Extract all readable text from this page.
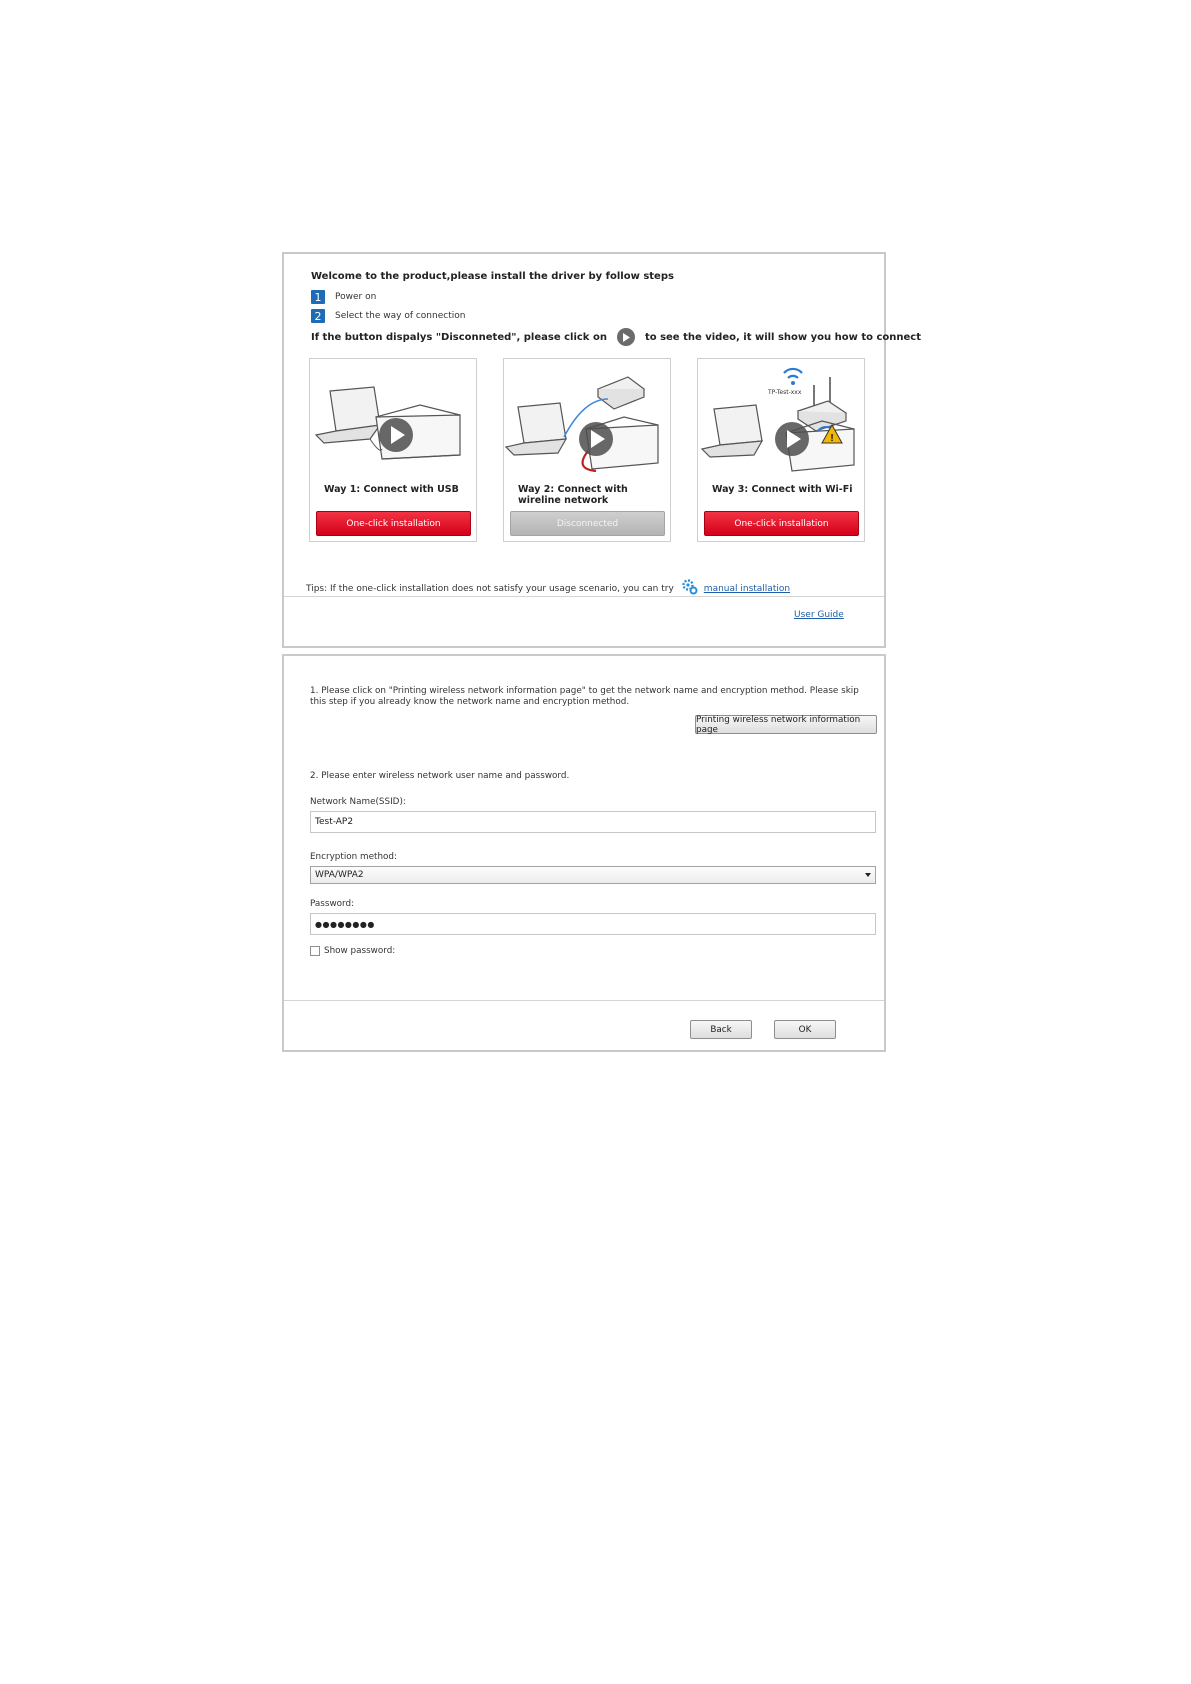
Welcome to the product,please install the driver by follow steps
1	Power on
2	Select the way of connection
If the button dispalys "Disconneted", please click on	to see the video, it will show you how to connect
Way 1: Connect with USB
One-click installation
Way 2: Connect with wireline network
Disconnected
!
TP-Test-xxx
Way 3: Connect with Wi-Fi
One-click installation
Tips: If the one-click installation does not satisfy your usage scenario, you can try	manual installation
User Guide
1. Please click on "Printing wireless network information page" to get the network name and encryption method. Please skip this step if you already know the network name and encryption method.
Printing wireless network information page
2. Please enter wireless network user name and password.
Network Name(SSID):
Test-AP2
Encryption method:
WPA/WPA2
Password:
●●●●●●●●
Show password:
Back	OK
